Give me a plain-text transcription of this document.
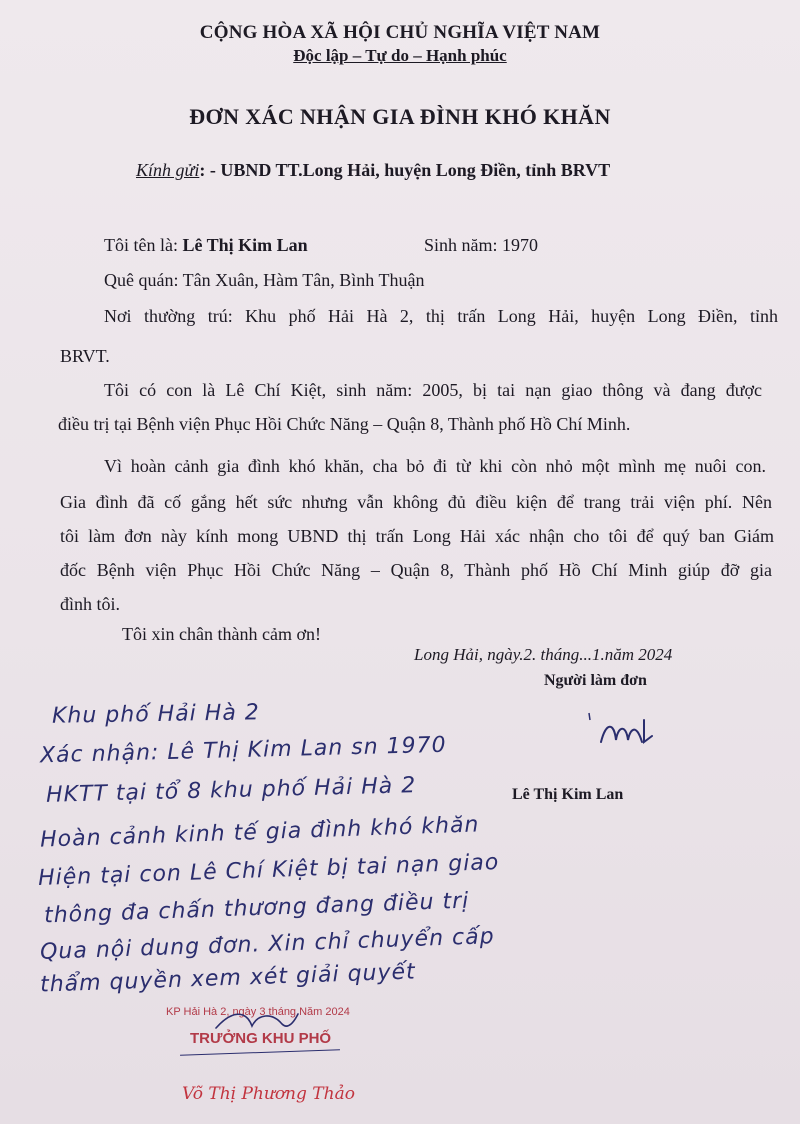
CỘNG HÒA XÃ HỘI CHỦ NGHĨA VIỆT NAM
Độc lập – Tự do – Hạnh phúc
ĐƠN XÁC NHẬN GIA ĐÌNH KHÓ KHĂN
Kính gửi: - UBND TT.Long Hải, huyện Long Điền, tỉnh BRVT
Tôi tên là: Lê Thị Kim Lan	Sinh năm: 1970
Quê quán: Tân Xuân, Hàm Tân, Bình Thuận
Nơi thường trú: Khu phố Hải Hà 2, thị trấn Long Hải, huyện Long Điền, tỉnh
BRVT.
Tôi có con là Lê Chí Kiệt, sinh năm: 2005, bị tai nạn giao thông và đang được
điều trị tại Bệnh viện Phục Hồi Chức Năng – Quận 8, Thành phố Hồ Chí Minh.
Vì hoàn cảnh gia đình khó khăn, cha bỏ đi từ khi còn nhỏ một mình mẹ nuôi con.
Gia đình đã cố gắng hết sức nhưng vẫn không đủ điều kiện để trang trải viện phí. Nên
tôi làm đơn này kính mong UBND thị trấn Long Hải xác nhận cho tôi để quý ban Giám
đốc Bệnh viện Phục Hồi Chức Năng – Quận 8, Thành phố Hồ Chí Minh giúp đỡ gia
đình tôi.
Tôi xin chân thành cảm ơn!
Long Hải, ngày.2. tháng...1.năm 2024
Người làm đơn
Lê Thị Kim Lan
Khu phố Hải Hà 2
Xác nhận: Lê Thị Kim Lan sn 1970
HKTT tại tổ 8 khu phố Hải Hà 2
Hoàn cảnh kinh tế gia đình khó khăn
Hiện tại con Lê Chí Kiệt bị tai nạn giao
thông đa chấn thương đang điều trị
Qua nội dung đơn. Xin chỉ chuyển cấp
thẩm quyền xem xét giải quyết
KP Hải Hà 2, ngày 3 tháng Năm 2024
TRƯỞNG KHU PHỐ
Võ Thị Phương Thảo
